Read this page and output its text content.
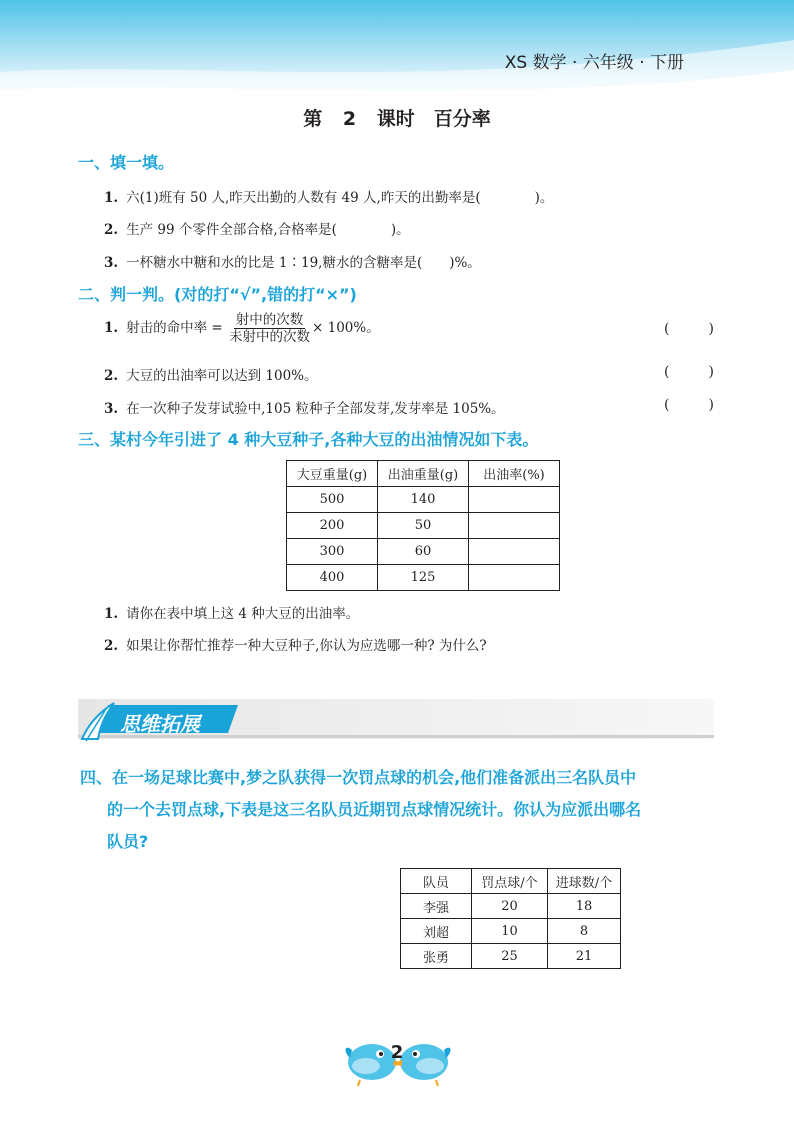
XS 数学 · 六年级 · 下册
第 2 课时　百分率
一、填一填。
1. 六(1)班有 50 人,昨天出勤的人数有 49 人,昨天的出勤率是(　　　　)。
2. 生产 99 个零件全部合格,合格率是(　　　　)。
3. 一杯糖水中糖和水的比是 1∶19,糖水的含糖率是(　　)%。
二、判一判。(对的打“√”,错的打“×”)
1. 射击的命中率 = $\frac{\text{射中的次数}}{\text{未射中的次数}} \times 100\%$。	(	)
2. 大豆的出油率可以达到 100%。	(	)
3. 在一次种子发芽试验中,105 粒种子全部发芽,发芽率是 105%。	(	)
三、某村今年引进了 4 种大豆种子,各种大豆的出油情况如下表。
大豆重量(g)	出油重量(g)	出油率(%)
500	140	
200	50	
300	60	
400	125	
1. 请你在表中填上这 4 种大豆的出油率。
2. 如果让你帮忙推荐一种大豆种子,你认为应选哪一种? 为什么?
思维拓展
四、在一场足球比赛中,梦之队获得一次罚点球的机会,他们准备派出三名队员中
的一个去罚点球,下表是这三名队员近期罚点球情况统计。你认为应派出哪名
队员?
队员	罚点球/个	进球数/个
李强	20	18
刘超	10	8
张勇	25	21
2
